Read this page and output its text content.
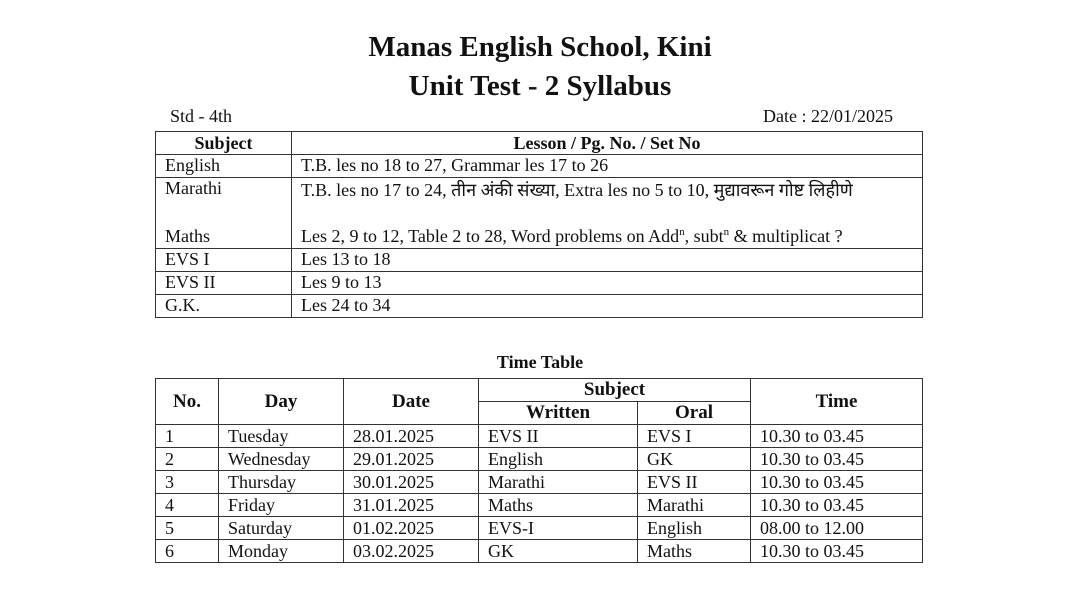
Manas English School, Kini
Unit Test - 2 Syllabus
Std - 4th	Date : 22/01/2025
Subject	Lesson / Pg. No. / Set No
English	T.B. les no 18 to 27, Grammar les 17 to 26
Marathi	T.B. les no 17 to 24, तीन अंकी संख्या, Extra les no 5 to 10, मुद्यावरून गोष्ट लिहीणे
Maths	Les 2, 9 to 12, Table 2 to 28, Word problems on Add$^n$, subt$^n$ & multiplicat ?
EVS I	Les 13 to 18
EVS II	Les 9 to 13
G.K.	Les 24 to 34
Time Table
No.	Day	Date	Subject		Time
			Written	Oral	
1	Tuesday	28.01.2025	EVS II	EVS I	10.30 to 03.45
2	Wednesday	29.01.2025	English	GK	10.30 to 03.45
3	Thursday	30.01.2025	Marathi	EVS II	10.30 to 03.45
4	Friday	31.01.2025	Maths	Marathi	10.30 to 03.45
5	Saturday	01.02.2025	EVS-I	English	08.00 to 12.00
6	Monday	03.02.2025	GK	Maths	10.30 to 03.45
